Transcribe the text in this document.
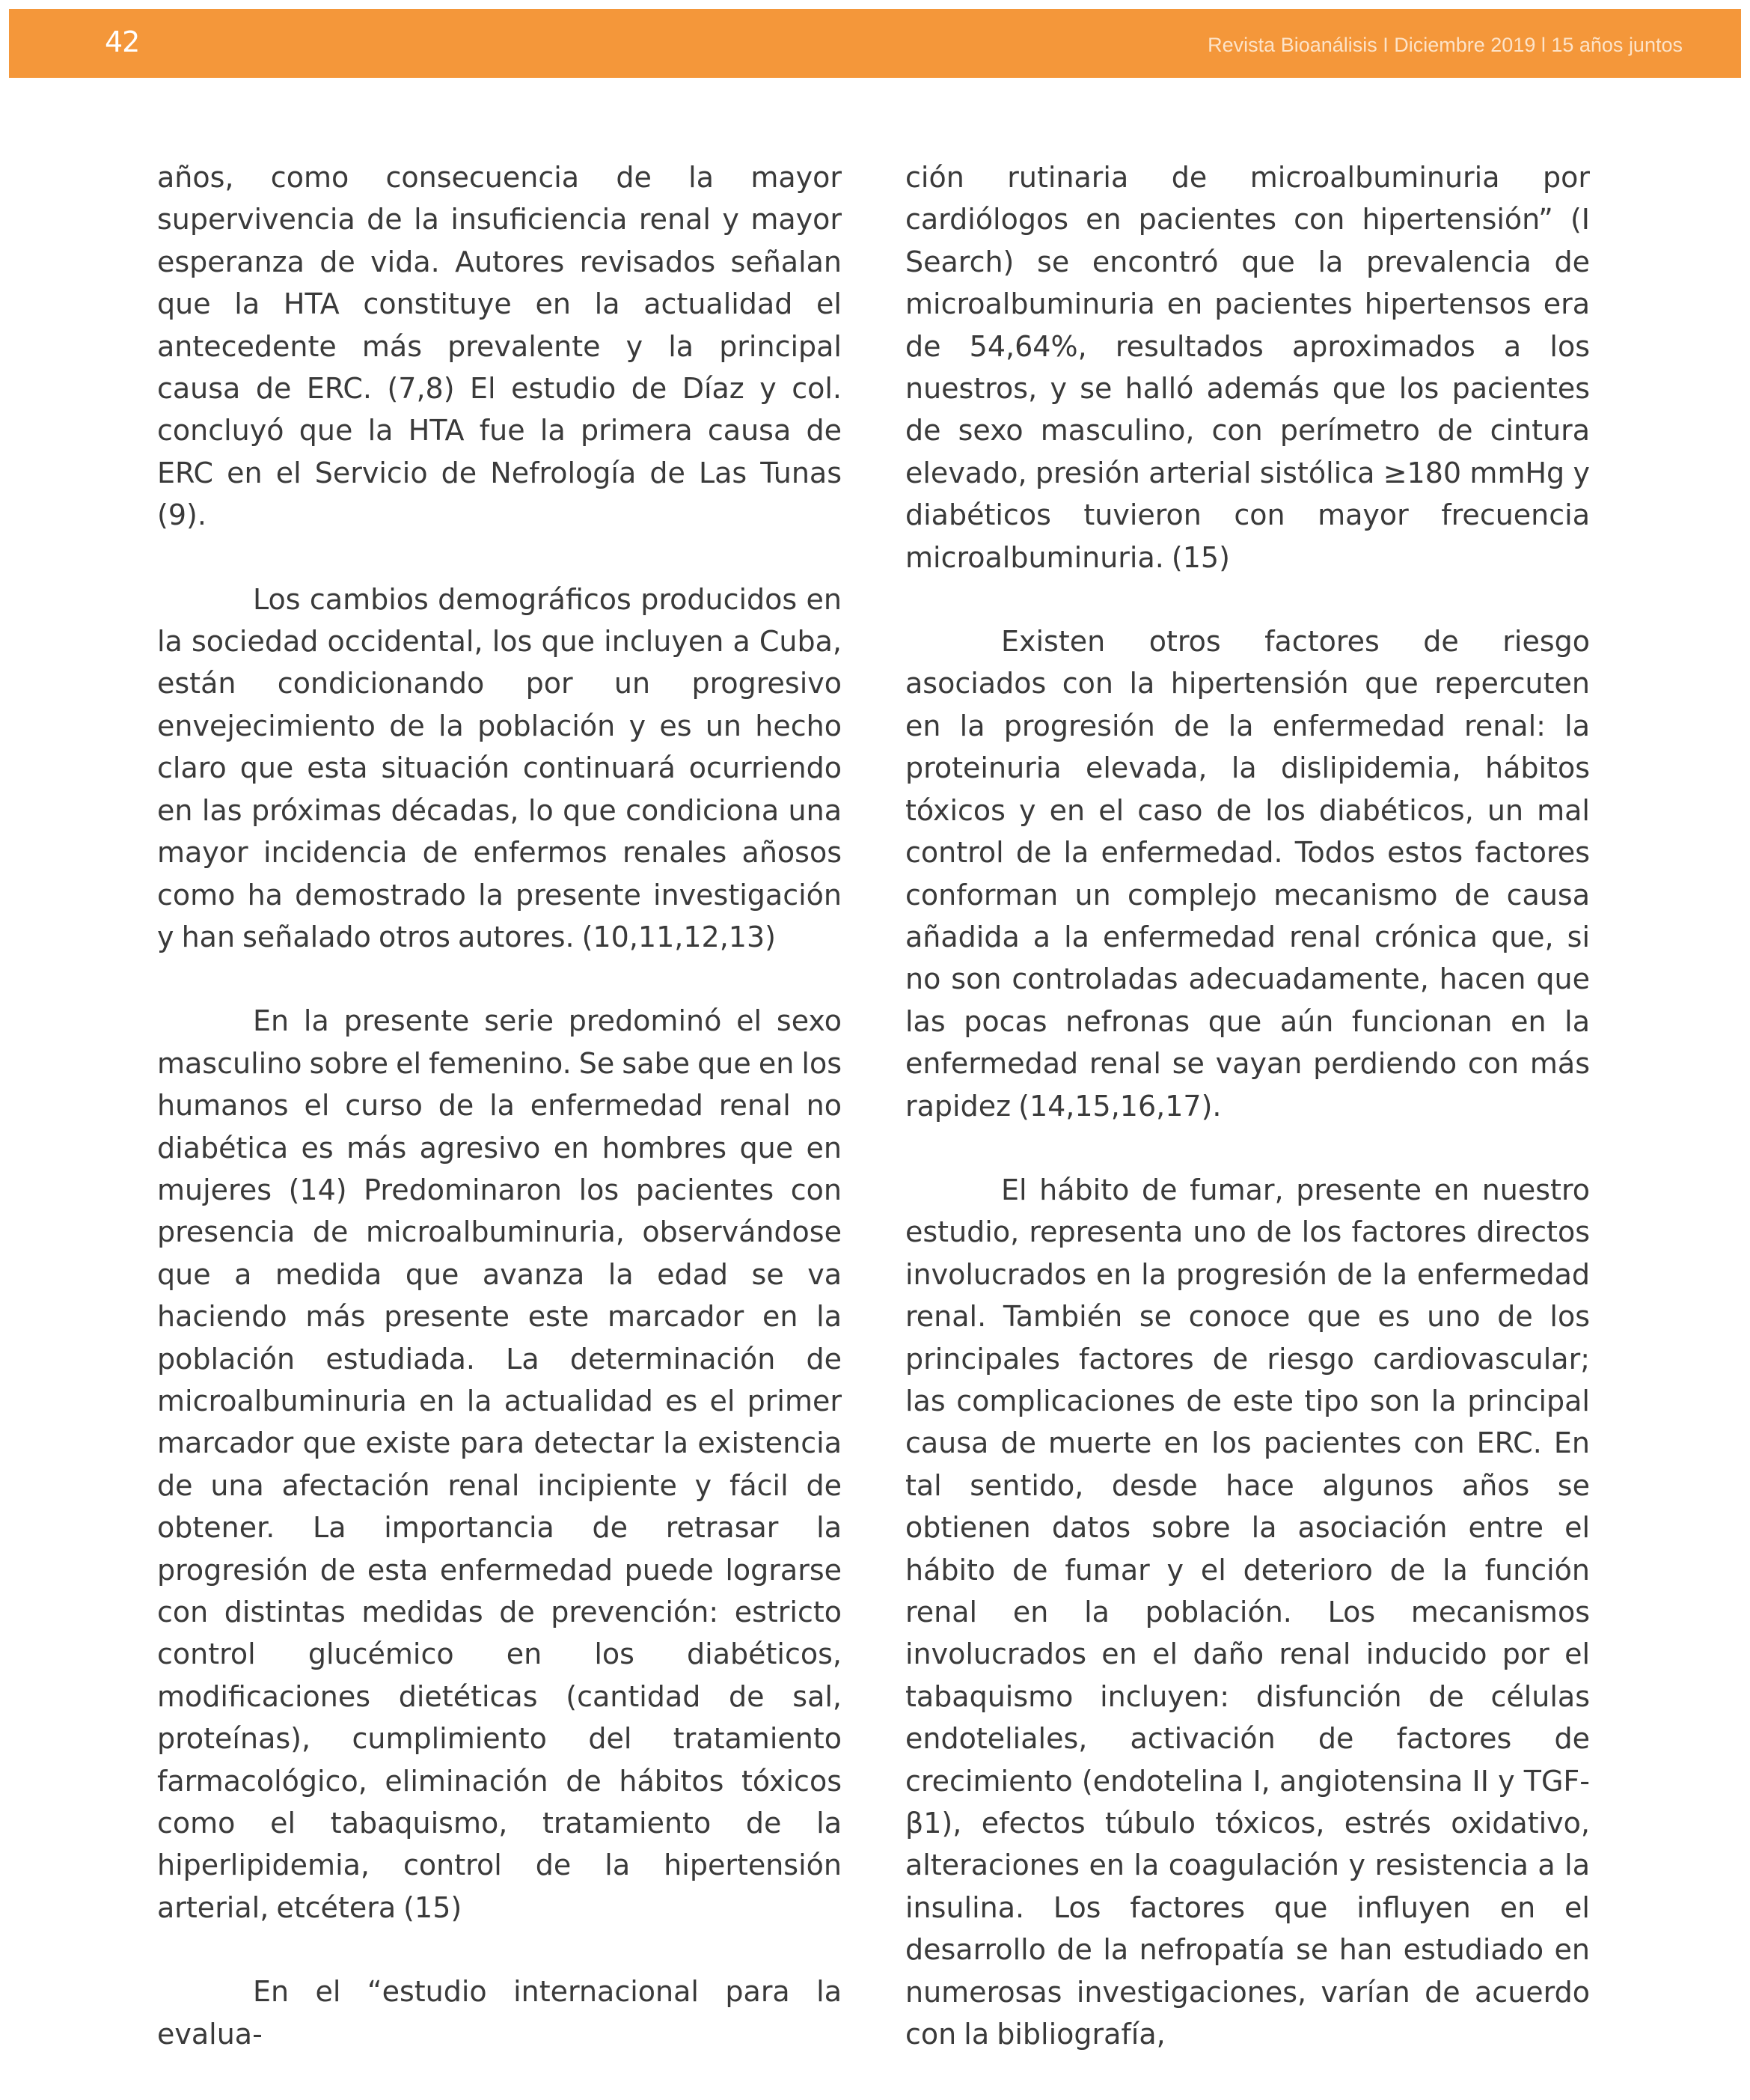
42	Revista Bioanálisis I Diciembre 2019 l 15 años juntos

años, como consecuencia de la mayor supervivencia de la insuficiencia renal y mayor esperanza de vida. Autores revisados señalan que la HTA constituye en la actualidad el antecedente más prevalente y la principal causa de ERC. (7,8) El estudio de Díaz y col. concluyó que la HTA fue la primera causa de ERC en el Servicio de Nefrología de Las Tunas (9).

Los cambios demográficos producidos en la sociedad occidental, los que incluyen a Cuba, están condicionando por un progresivo envejecimiento de la población y es un hecho claro que esta situación continuará ocurriendo en las próximas décadas, lo que condiciona una mayor incidencia de enfermos renales añosos como ha demostrado la presente investigación y han señalado otros autores. (10,11,12,13)

En la presente serie predominó el sexo masculino sobre el femenino. Se sabe que en los humanos el curso de la enfermedad renal no diabética es más agresivo en hombres que en mujeres (14) Predominaron los pacientes con presencia de microalbuminuria, observándose que a medida que avanza la edad se va haciendo más presente este marcador en la población estudiada. La determinación de microalbuminuria en la actualidad es el primer marcador que existe para detectar la existencia de una afectación renal incipiente y fácil de obtener. La importancia de retrasar la progresión de esta enfermedad puede lograrse con distintas medidas de prevención: estricto control glucémico en los diabéticos, modificaciones dietéticas (cantidad de sal, proteínas), cumplimiento del tratamiento farmacológico, eliminación de hábitos tóxicos como el tabaquismo, tratamiento de la hiperlipidemia, control de la hipertensión arterial, etcétera (15)

En el “estudio internacional para la evalua-

ción rutinaria de microalbuminuria por cardiólogos en pacientes con hipertensión” (I Search) se encontró que la prevalencia de microalbuminuria en pacientes hipertensos era de 54,64%, resultados aproximados a los nuestros, y se halló además que los pacientes de sexo masculino, con perímetro de cintura elevado, presión arterial sistólica ≥180 mmHg y diabéticos tuvieron con mayor frecuencia microalbuminuria. (15)

Existen otros factores de riesgo asociados con la hipertensión que repercuten en la progresión de la enfermedad renal: la proteinuria elevada, la dislipidemia, hábitos tóxicos y en el caso de los diabéticos, un mal control de la enfermedad. Todos estos factores conforman un complejo mecanismo de causa añadida a la enfermedad renal crónica que, si no son controladas adecuadamente, hacen que las pocas nefronas que aún funcionan en la enfermedad renal se vayan perdiendo con más rapidez (14,15,16,17).

El hábito de fumar, presente en nuestro estudio, representa uno de los factores directos involucrados en la progresión de la enfermedad renal. También se conoce que es uno de los principales factores de riesgo cardiovascular; las complicaciones de este tipo son la principal causa de muerte en los pacientes con ERC. En tal sentido, desde hace algunos años se obtienen datos sobre la asociación entre el hábito de fumar y el deterioro de la función renal en la población. Los mecanismos involucrados en el daño renal inducido por el tabaquismo incluyen: disfunción de células endoteliales, activación de factores de crecimiento (endotelina I, angiotensina II y TGF- β1), efectos túbulo tóxicos, estrés oxidativo, alteraciones en la coagulación y resistencia a la insulina. Los factores que influyen en el desarrollo de la nefropatía se han estudiado en numerosas investigaciones, varían de acuerdo con la bibliografía,
